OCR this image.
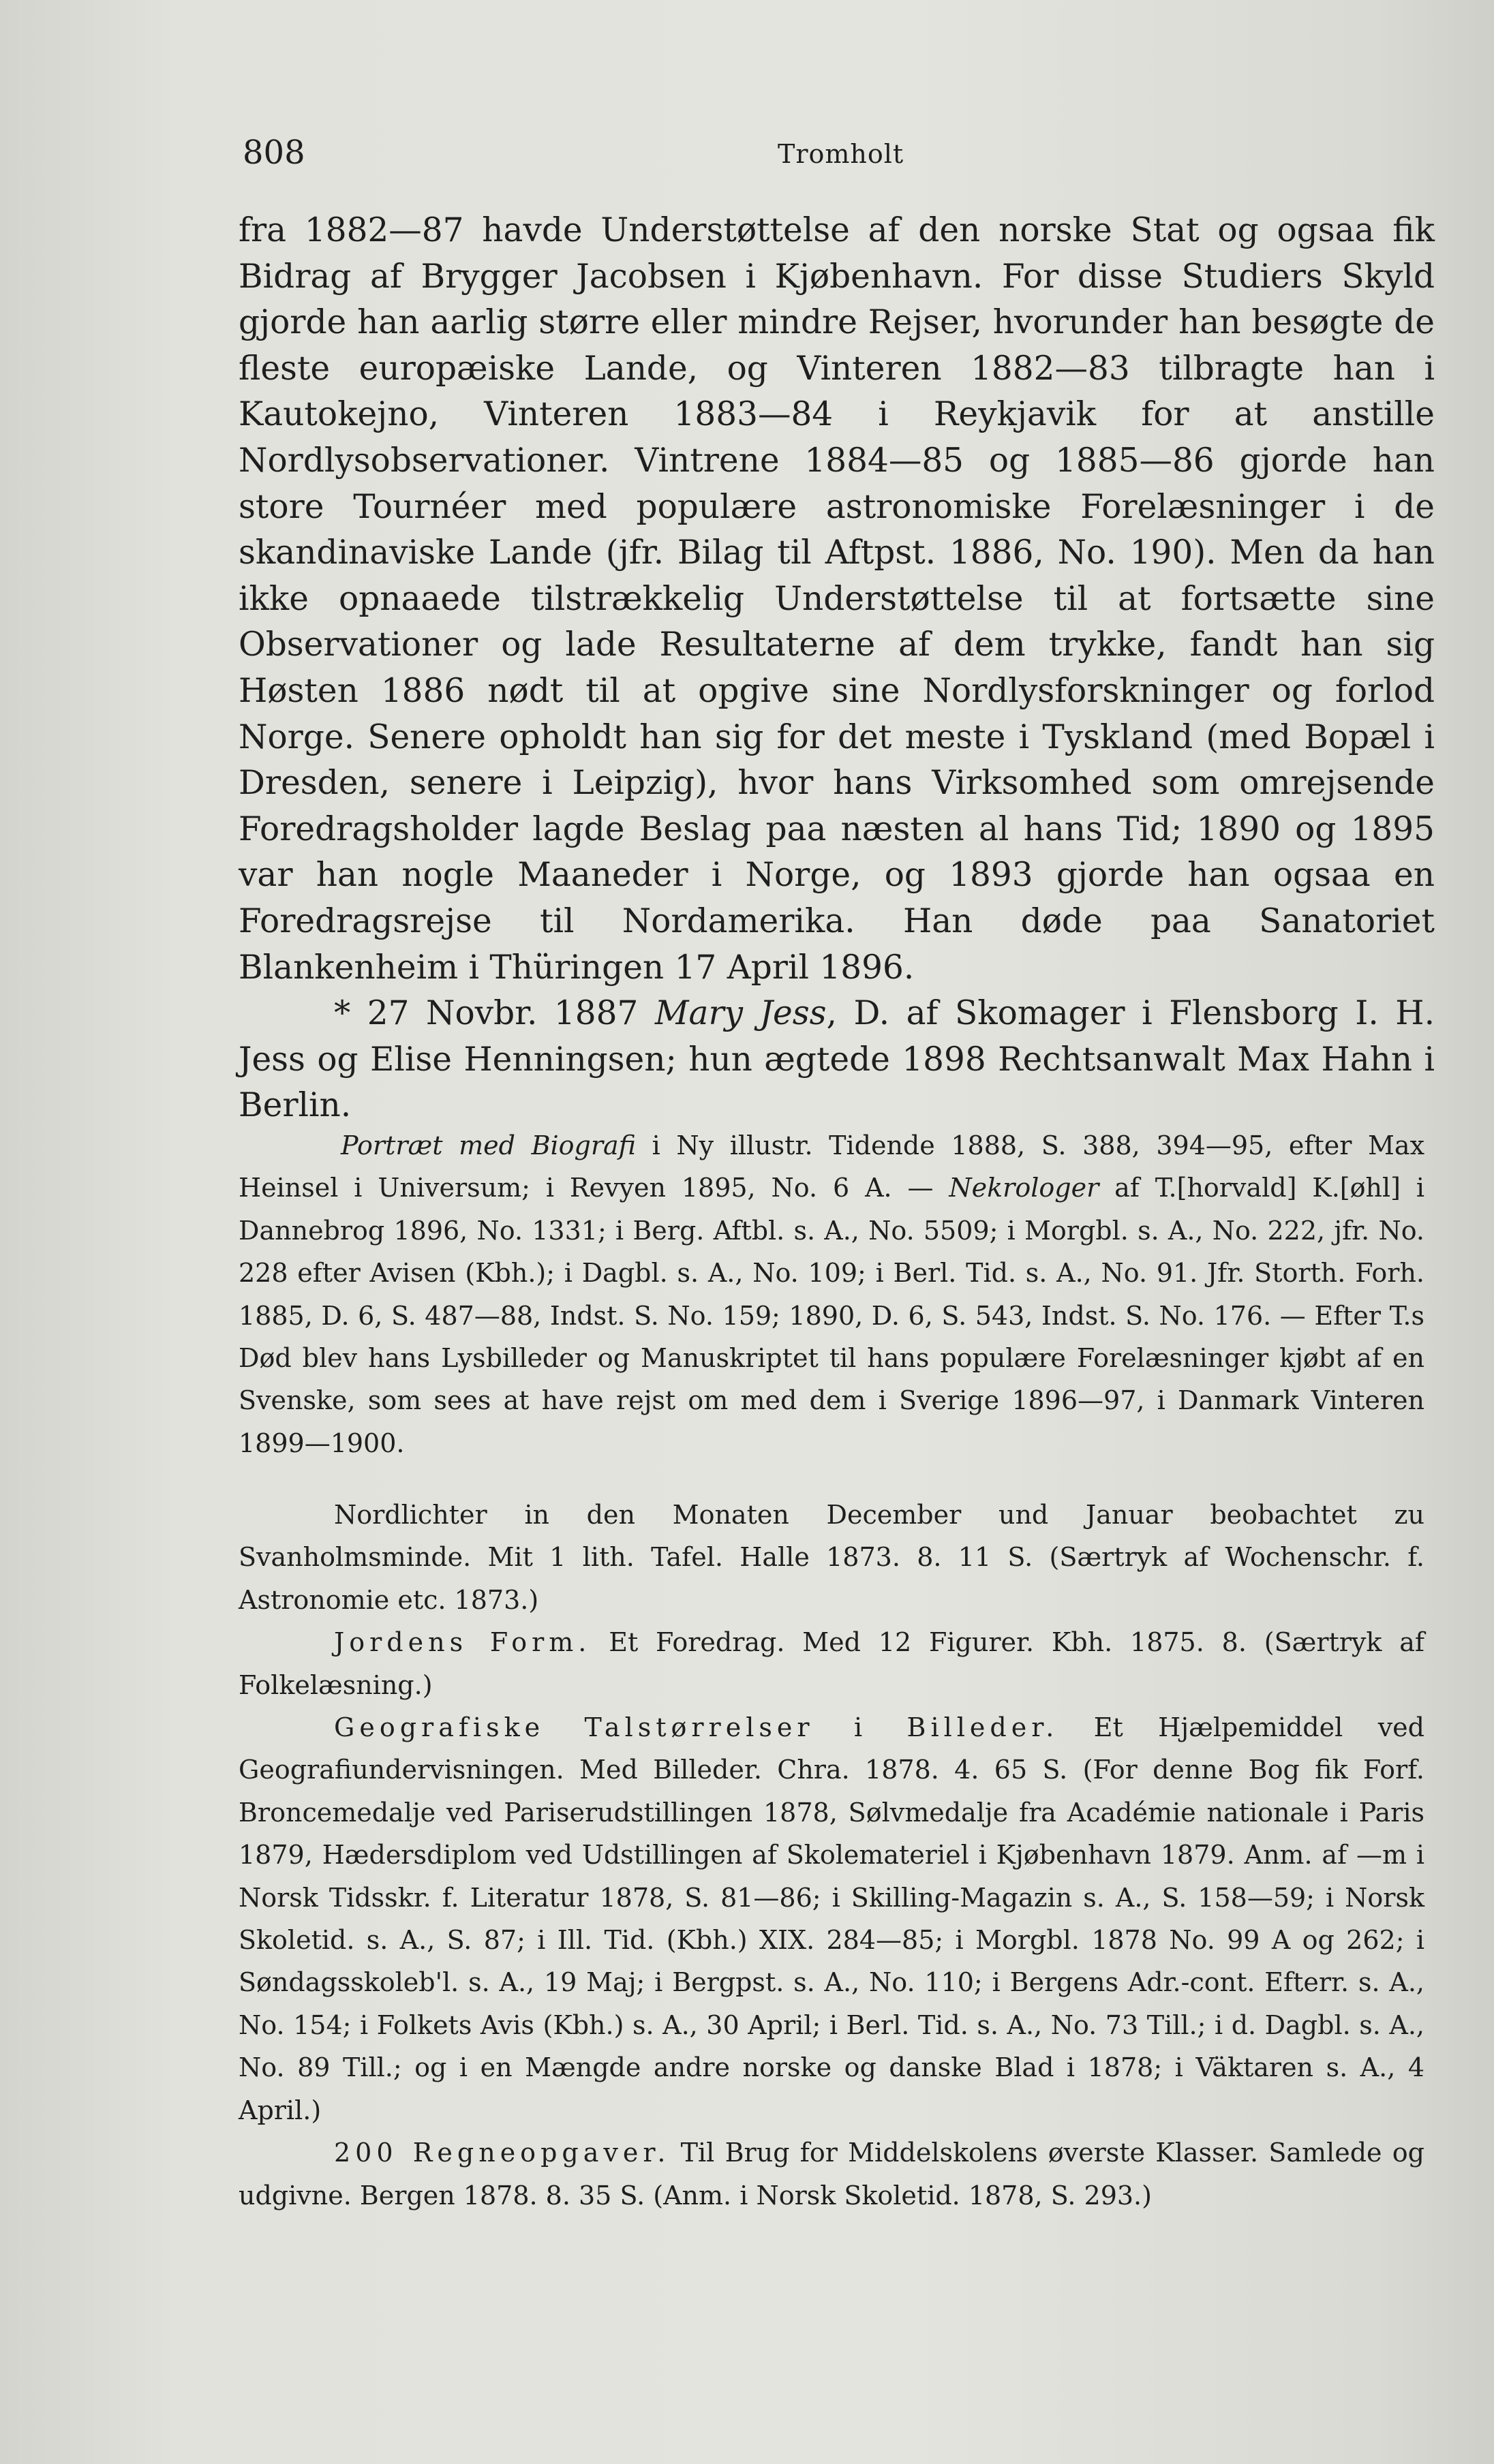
808	Tromholt

fra 1882—87 havde Understøttelse af den norske Stat og ogsaa fik Bidrag af Brygger Jacobsen i Kjøbenhavn. For disse Studiers Skyld gjorde han aarlig større eller mindre Rejser, hvorunder han besøgte de fleste europæiske Lande, og Vinteren 1882—83 tilbragte han i Kautokejno, Vinteren 1883—84 i Reykjavik for at anstille Nordlysobservationer. Vintrene 1884—85 og 1885—86 gjorde han store Tournéer med populære astronomiske Forelæsninger i de skandinaviske Lande (jfr. Bilag til Aftpst. 1886, No. 190). Men da han ikke opnaaede tilstrækkelig Understøttelse til at fortsætte sine Observationer og lade Resultaterne af dem trykke, fandt han sig Høsten 1886 nødt til at opgive sine Nordlysforskninger og forlod Norge. Senere opholdt han sig for det meste i Tyskland (med Bopæl i Dresden, senere i Leipzig), hvor hans Virksomhed som omrejsende Foredragsholder lagde Beslag paa næsten al hans Tid; 1890 og 1895 var han nogle Maaneder i Norge, og 1893 gjorde han ogsaa en Foredragsrejse til Nordamerika. Han døde paa Sanatoriet Blankenheim i Thüringen 17 April 1896.

* 27 Novbr. 1887 Mary Jess, D. af Skomager i Flensborg I. H. Jess og Elise Henningsen; hun ægtede 1898 Rechtsanwalt Max Hahn i Berlin.

Portræt med Biografi i Ny illustr. Tidende 1888, S. 388, 394—95, efter Max Heinsel i Universum; i Revyen 1895, No. 6 A. — Nekrologer af T.[horvald] K.[øhl] i Dannebrog 1896, No. 1331; i Berg. Aftbl. s. A., No. 5509; i Morgbl. s. A., No. 222, jfr. No. 228 efter Avisen (Kbh.); i Dagbl. s. A., No. 109; i Berl. Tid. s. A., No. 91. Jfr. Storth. Forh. 1885, D. 6, S. 487—88, Indst. S. No. 159; 1890, D. 6, S. 543, Indst. S. No. 176. — Efter T.s Død blev hans Lysbilleder og Manuskriptet til hans populære Forelæsninger kjøbt af en Svenske, som sees at have rejst om med dem i Sverige 1896—97, i Danmark Vinteren 1899—1900.

Nordlichter in den Monaten December und Januar beobachtet zu Svanholmsminde. Mit 1 lith. Tafel. Halle 1873. 8. 11 S. (Særtryk af Wochenschr. f. Astronomie etc. 1873.)

Jordens Form. Et Foredrag. Med 12 Figurer. Kbh. 1875. 8. (Særtryk af Folkelæsning.)

Geografiske Talstørrelser i Billeder. Et Hjælpemiddel ved Geografiundervisningen. Med Billeder. Chra. 1878. 4. 65 S. (For denne Bog fik Forf. Broncemedalje ved Pariserudstillingen 1878, Sølvmedalje fra Académie nationale i Paris 1879, Hædersdiplom ved Udstillingen af Skolemateriel i Kjøbenhavn 1879. Anm. af —m i Norsk Tidsskr. f. Literatur 1878, S. 81—86; i Skilling-Magazin s. A., S. 158—59; i Norsk Skoletid. s. A., S. 87; i Ill. Tid. (Kbh.) XIX. 284—85; i Morgbl. 1878 No. 99 A og 262; i Søndagsskoleb'l. s. A., 19 Maj; i Bergpst. s. A., No. 110; i Bergens Adr.-cont. Efterr. s. A., No. 154; i Folkets Avis (Kbh.) s. A., 30 April; i Berl. Tid. s. A., No. 73 Till.; i d. Dagbl. s. A., No. 89 Till.; og i en Mængde andre norske og danske Blad i 1878; i Väktaren s. A., 4 April.)

200 Regneopgaver. Til Brug for Middelskolens øverste Klasser. Samlede og udgivne. Bergen 1878. 8. 35 S. (Anm. i Norsk Skoletid. 1878, S. 293.)
